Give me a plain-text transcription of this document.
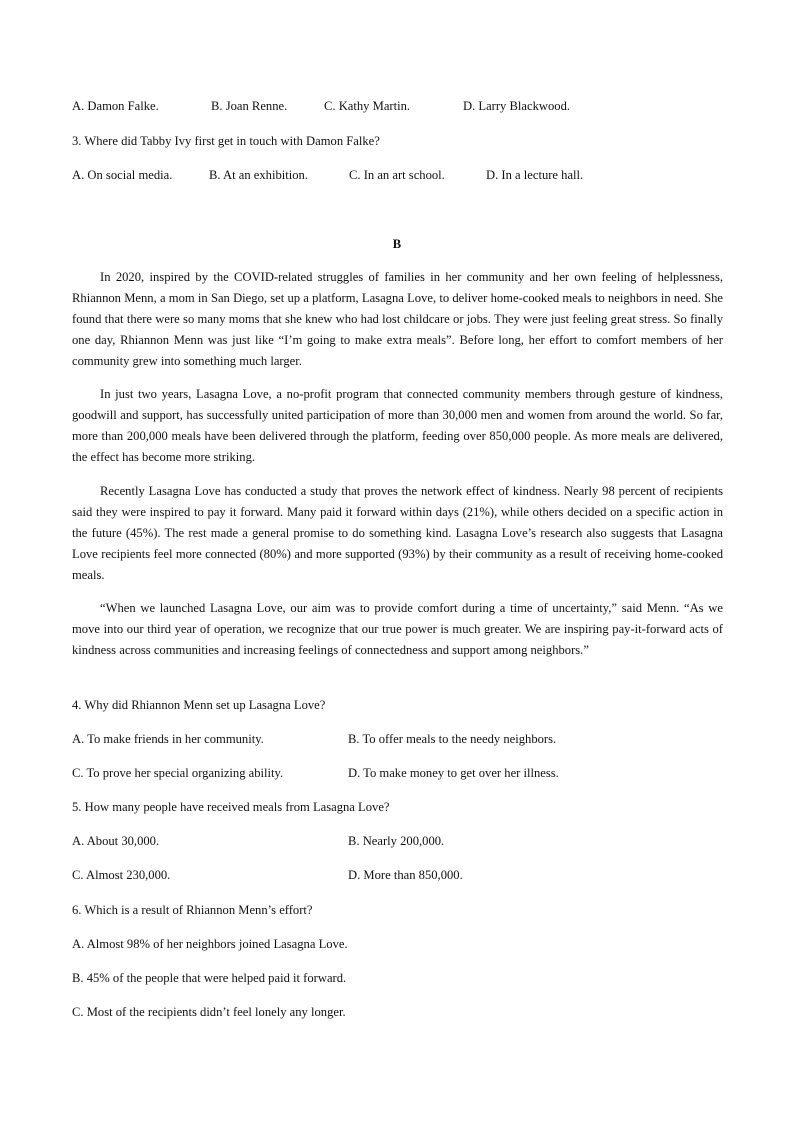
A. Damon Falke.	B. Joan Renne.	C. Kathy Martin.	D. Larry Blackwood.
3. Where did Tabby Ivy first get in touch with Damon Falke?
A. On social media.	B. At an exhibition.	C. In an art school.	D. In a lecture hall.
B

In 2020, inspired by the COVID-related struggles of families in her community and her own feeling of helplessness, Rhiannon Menn, a mom in San Diego, set up a platform, Lasagna Love, to deliver home-cooked meals to neighbors in need. She found that there were so many moms that she knew who had lost childcare or jobs. They were just feeling great stress. So finally one day, Rhiannon Menn was just like “I’m going to make extra meals”. Before long, her effort to comfort members of her community grew into something much larger.

In just two years, Lasagna Love, a no-profit program that connected community members through gesture of kindness, goodwill and support, has successfully united participation of more than 30,000 men and women from around the world. So far, more than 200,000 meals have been delivered through the platform, feeding over 850,000 people. As more meals are delivered, the effect has become more striking.

Recently Lasagna Love has conducted a study that proves the network effect of kindness. Nearly 98 percent of recipients said they were inspired to pay it forward. Many paid it forward within days (21%), while others decided on a specific action in the future (45%). The rest made a general promise to do something kind. Lasagna Love’s research also suggests that Lasagna Love recipients feel more connected (80%) and more supported (93%) by their community as a result of receiving home-cooked meals.

“When we launched Lasagna Love, our aim was to provide comfort during a time of uncertainty,” said Menn. “As we move into our third year of operation, we recognize that our true power is much greater. We are inspiring pay-it-forward acts of kindness across communities and increasing feelings of connectedness and support among neighbors.”

4. Why did Rhiannon Menn set up Lasagna Love?
A. To make friends in her community.	B. To offer meals to the needy neighbors.
C. To prove her special organizing ability.	D. To make money to get over her illness.
5. How many people have received meals from Lasagna Love?
A. About 30,000.	B. Nearly 200,000.
C. Almost 230,000.	D. More than 850,000.
6. Which is a result of Rhiannon Menn’s effort?
A. Almost 98% of her neighbors joined Lasagna Love.
B. 45% of the people that were helped paid it forward.
C. Most of the recipients didn’t feel lonely any longer.
